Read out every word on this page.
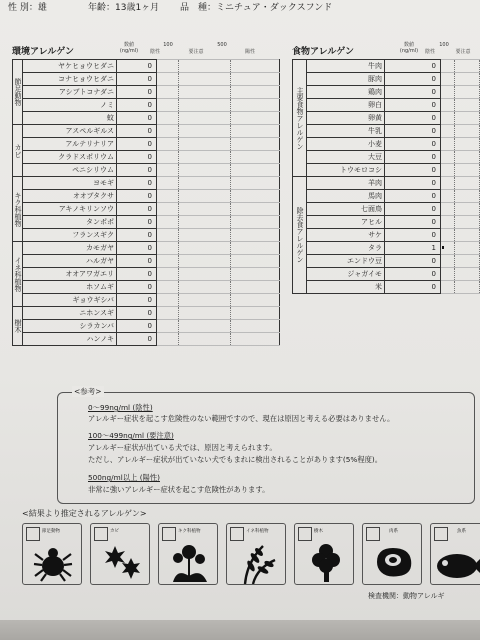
性 別：雄	年齢：13歳1ヶ月 品　種：ミニチュア・ダックスフンド
環境アレルゲン
数値
(ng/ml)	陰性
100
要注意
500
陽性
節足動物	ヤケヒョウヒダニ	0	

	コナヒョウヒダニ	0	

	アシブトコナダニ	0	

	ノミ	0	

	蚊	0	

カビ	アスペルギルス	0	

	アルテリナリア	0	

	クラドスポリウム	0	

	ペニシリウム	0	

キク科植物	ヨモギ	0	

	オオブタクサ	0	

	アキノキリンソウ	0	

	タンポポ	0	

	フランスギク	0	

イネ科植物	カモガヤ	0	

	ハルガヤ	0	

	オオアワガエリ	0	

	ホソムギ	0	

	ギョウギシバ	0	

樹木	ニホンスギ	0	

	シラカンバ	0	

	ハンノキ	0	

食物アレルゲン
数値
(ng/ml)	陰性
100
要注意
主要食物アレルゲン	牛肉	0	

	豚肉	0	

	鶏肉	0	

	卵白	0	

	卵黄	0	

	牛乳	0	

	小麦	0	

	大豆	0	

	トウモロコシ	0	

除去食アレルゲン	羊肉	0	

	馬肉	0	

	七面鳥	0	

	アヒル	0	

	サケ	0	

	タラ	1	

	エンドウ豆	0	

	ジャガイモ	0	

	米	0	

0～99ng/ml (陰性)

アレルギー症状を起こす危険性のない範囲ですので、現在は原因と考える必要はありません。

100～499ng/ml (要注意)

アレルギー症状が出ている犬では、原因と考えられます。

ただし、アレルギー症状が出ていない犬でもまれに検出されることがあります(5%程度)。

500ng/ml以上 (陽性)

非常に強いアレルギー症状を起こす危険性があります。

<参考>
<結果より推定されるアレルゲン>
節足動物	カビ	キク科植物	イネ科植物	樹木	肉系	魚系
検査機関：動物アレルギ
